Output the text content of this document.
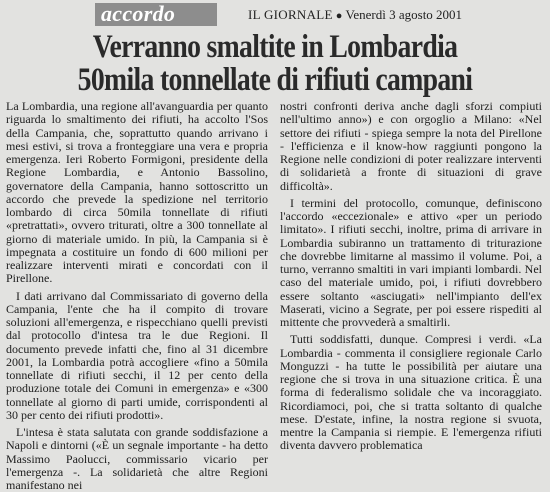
accordo	IL GIORNALE ● Venerdì 3 agosto 2001
Verranno smaltite in Lombardia
50mila tonnellate di rifiuti campani

La Lombardia, una regione all'avanguardia per quanto riguarda lo smaltimento dei rifiuti, ha accolto l'Sos della Campania, che, soprattutto quando arrivano i mesi estivi, si trova a fronteggiare una vera e propria emergenza. Ieri Roberto Formigoni, presidente della Regione Lombardia, e Antonio Bassolino, governatore della Campania, hanno sottoscritto un accordo che prevede la spedizione nel territorio lombardo di circa 50mila tonnellate di rifiuti «pretrattati», ovvero triturati, oltre a 300 tonnellate al giorno di materiale umido. In più, la Campania si è impegnata a costituire un fondo di 600 milioni per realizzare interventi mirati e concordati con il Pirellone.

I dati arrivano dal Commissariato di governo della Campania, l'ente che ha il compito di trovare soluzioni all'emergenza, e rispecchiano quelli previsti dal protocollo d'intesa tra le due Regioni. Il documento prevede infatti che, fino al 31 dicembre 2001, la Lombardia potrà accogliere «fino a 50mila tonnellate di rifiuti secchi, il 12 per cento della produzione totale dei Comuni in emergenza» e «300 tonnellate al giorno di parti umide, corrispondenti al 30 per cento dei rifiuti prodotti».

L'intesa è stata salutata con grande soddisfazione a Napoli e dintorni («È un segnale importante - ha detto Massimo Paolucci, commissario vicario per l'emergenza -. La solidarietà che altre Regioni manifestano nei

nostri confronti deriva anche dagli sforzi compiuti nell'ultimo anno») e con orgoglio a Milano: «Nel settore dei rifiuti - spiega sempre la nota del Pirellone - l'efficienza e il know-how raggiunti pongono la Regione nelle condizioni di poter realizzare interventi di solidarietà a fronte di situazioni di grave difficoltà».

I termini del protocollo, comunque, definiscono l'accordo «eccezionale» e attivo «per un periodo limitato». I rifiuti secchi, inoltre, prima di arrivare in Lombardia subiranno un trattamento di triturazione che dovrebbe limitarne al massimo il volume. Poi, a turno, verranno smaltiti in vari impianti lombardi. Nel caso del materiale umido, poi, i rifiuti dovrebbero essere soltanto «asciugati» nell'impianto dell'ex Maserati, vicino a Segrate, per poi essere rispediti al mittente che provvederà a smaltirli.

Tutti soddisfatti, dunque. Compresi i verdi. «La Lombardia - commenta il consigliere regionale Carlo Monguzzi - ha tutte le possibilità per aiutare una regione che si trova in una situazione critica. È una forma di federalismo solidale che va incoraggiato. Ricordiamoci, poi, che si tratta soltanto di qualche mese. D'estate, infine, la nostra regione si svuota, mentre la Campania si riempie. E l'emergenza rifiuti diventa davvero problematica
